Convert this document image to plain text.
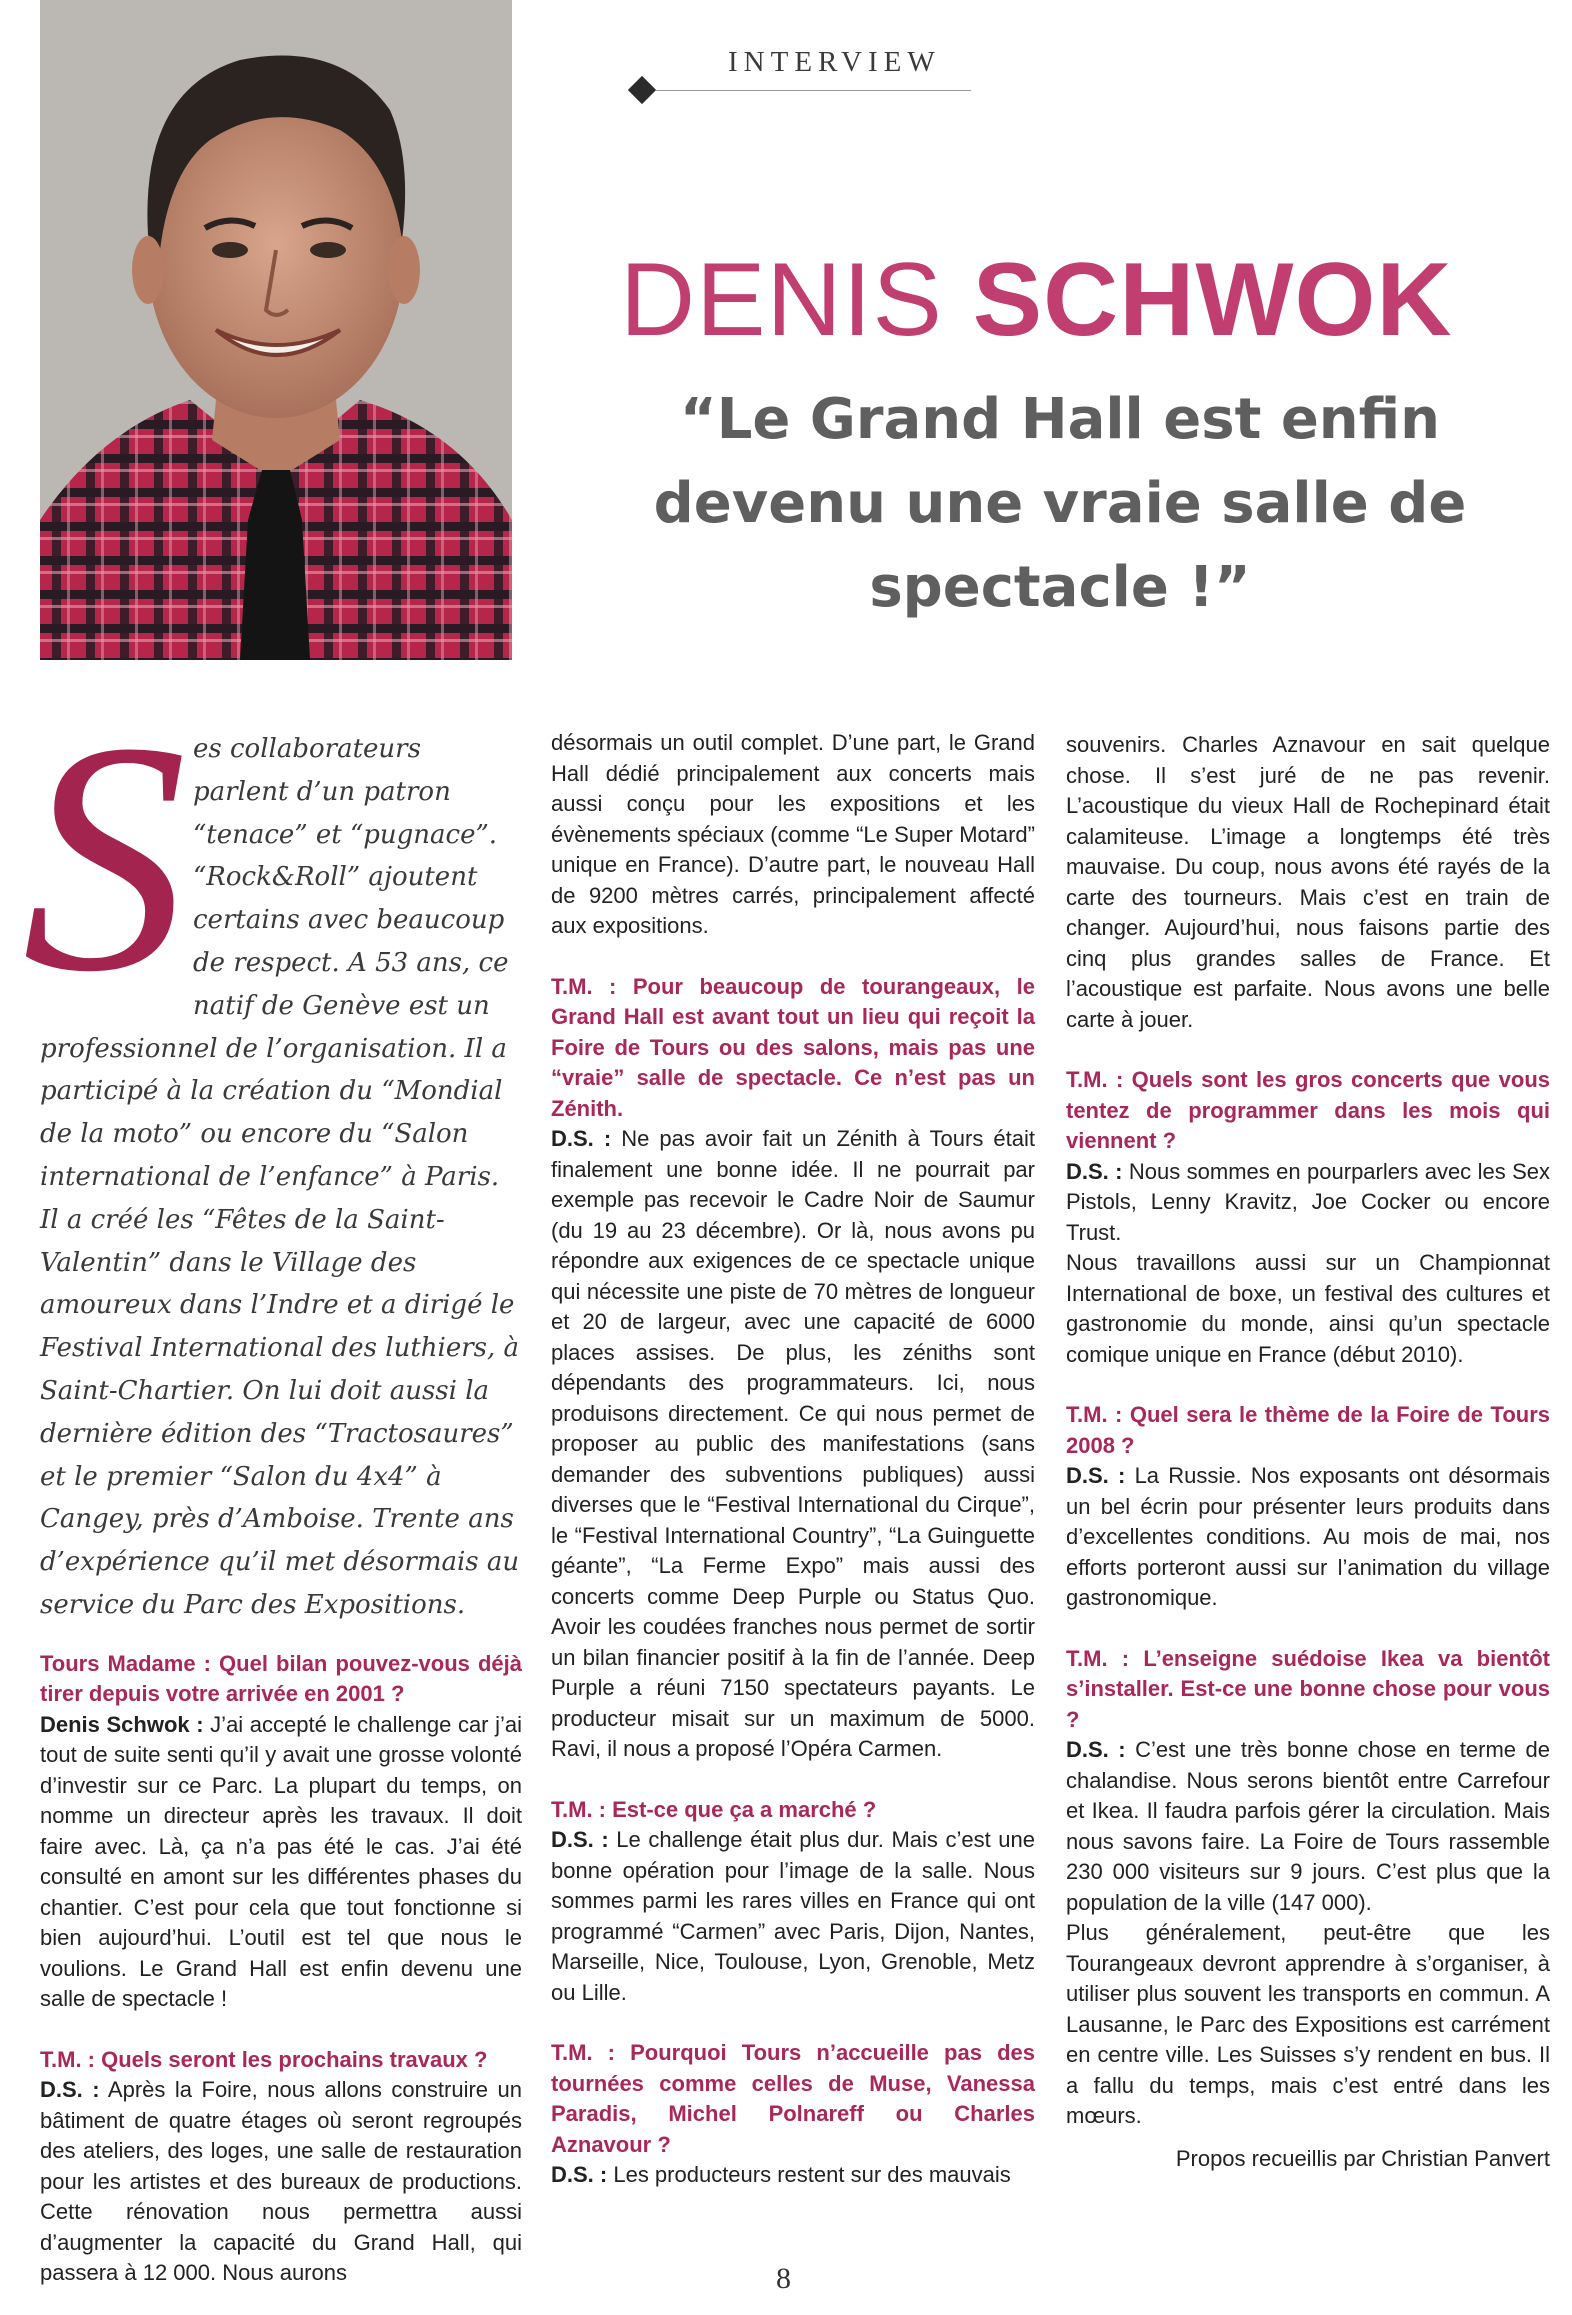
INTERVIEW
DENIS SCHWOK
“Le Grand Hall est enfin devenu une vraie salle de spectacle !”
Ses collaborateurs parlent d’un patron “tenace” et “pugnace”. “Rock&Roll” ajoutent certains avec beaucoup de respect. A 53 ans, ce natif de Genève est un professionnel de l’organisation. Il a participé à la création du “Mondial de la moto” ou encore du “Salon international de l’enfance” à Paris. Il a créé les “Fêtes de la Saint-Valentin” dans le Village des amoureux dans l’Indre et a dirigé le Festival International des luthiers, à Saint-Chartier. On lui doit aussi la dernière édition des “Tractosaures” et le premier “Salon du 4x4” à Cangey, près d’Amboise. Trente ans d’expérience qu’il met désormais au service du Parc des Expositions.

Tours Madame : Quel bilan pouvez-vous déjà tirer depuis votre arrivée en 2001 ?

Denis Schwok : J’ai accepté le challenge car j’ai tout de suite senti qu’il y avait une grosse volonté d’investir sur ce Parc. La plupart du temps, on nomme un directeur après les travaux. Il doit faire avec. Là, ça n’a pas été le cas. J’ai été consulté en amont sur les différentes phases du chantier. C’est pour cela que tout fonctionne si bien aujourd’hui. L’outil est tel que nous le voulions. Le Grand Hall est enfin devenu une salle de spectacle !

T.M. : Quels seront les prochains travaux ?

D.S. : Après la Foire, nous allons construire un bâtiment de quatre étages où seront regroupés des ateliers, des loges, une salle de restauration pour les artistes et des bureaux de productions. Cette rénovation nous permettra aussi d’augmenter la capacité du Grand Hall, qui passera à 12 000. Nous aurons

désormais un outil complet. D’une part, le Grand Hall dédié principalement aux concerts mais aussi conçu pour les expositions et les évènements spéciaux (comme “Le Super Motard” unique en France). D’autre part, le nouveau Hall de 9200 mètres carrés, principalement affecté aux expositions.

T.M. : Pour beaucoup de tourangeaux, le Grand Hall est avant tout un lieu qui reçoit la Foire de Tours ou des salons, mais pas une “vraie” salle de spectacle. Ce n’est pas un Zénith.

D.S. : Ne pas avoir fait un Zénith à Tours était finalement une bonne idée. Il ne pourrait par exemple pas recevoir le Cadre Noir de Saumur (du 19 au 23 décembre). Or là, nous avons pu répondre aux exigences de ce spectacle unique qui nécessite une piste de 70 mètres de longueur et 20 de largeur, avec une capacité de 6000 places assises. De plus, les zéniths sont dépendants des programmateurs. Ici, nous produisons directement. Ce qui nous permet de proposer au public des manifestations (sans demander des subventions publiques) aussi diverses que le “Festival International du Cirque”, le “Festival International Country”, “La Guinguette géante”, “La Ferme Expo” mais aussi des concerts comme Deep Purple ou Status Quo. Avoir les coudées franches nous permet de sortir un bilan financier positif à la fin de l’année. Deep Purple a réuni 7150 spectateurs payants. Le producteur misait sur un maximum de 5000. Ravi, il nous a proposé l’Opéra Carmen.

T.M. : Est-ce que ça a marché ?

D.S. : Le challenge était plus dur. Mais c’est une bonne opération pour l’image de la salle. Nous sommes parmi les rares villes en France qui ont programmé “Carmen” avec Paris, Dijon, Nantes, Marseille, Nice, Toulouse, Lyon, Grenoble, Metz ou Lille.

T.M. : Pourquoi Tours n’accueille pas des tournées comme celles de Muse, Vanessa Paradis, Michel Polnareff ou Charles Aznavour ?

D.S. : Les producteurs restent sur des mauvais

souvenirs. Charles Aznavour en sait quelque chose. Il s’est juré de ne pas revenir. L’acoustique du vieux Hall de Rochepinard était calamiteuse. L’image a longtemps été très mauvaise. Du coup, nous avons été rayés de la carte des tourneurs. Mais c’est en train de changer. Aujourd’hui, nous faisons partie des cinq plus grandes salles de France. Et l’acoustique est parfaite. Nous avons une belle carte à jouer.

T.M. : Quels sont les gros concerts que vous tentez de programmer dans les mois qui viennent ?

D.S. : Nous sommes en pourparlers avec les Sex Pistols, Lenny Kravitz, Joe Cocker ou encore Trust.

Nous travaillons aussi sur un Championnat International de boxe, un festival des cultures et gastronomie du monde, ainsi qu’un spectacle comique unique en France (début 2010).

T.M. : Quel sera le thème de la Foire de Tours 2008 ?

D.S. : La Russie. Nos exposants ont désormais un bel écrin pour présenter leurs produits dans d’excellentes conditions. Au mois de mai, nos efforts porteront aussi sur l’animation du village gastronomique.

T.M. : L’enseigne suédoise Ikea va bientôt s’installer. Est-ce une bonne chose pour vous ?

D.S. : C’est une très bonne chose en terme de chalandise. Nous serons bientôt entre Carrefour et Ikea. Il faudra parfois gérer la circulation. Mais nous savons faire. La Foire de Tours rassemble 230 000 visiteurs sur 9 jours. C’est plus que la population de la ville (147 000).

Plus généralement, peut-être que les Tourangeaux devront apprendre à s’organiser, à utiliser plus souvent les transports en commun. A Lausanne, le Parc des Expositions est carrément en centre ville. Les Suisses s’y rendent en bus. Il a fallu du temps, mais c’est entré dans les mœurs.

Propos recueillis par Christian Panvert

8
